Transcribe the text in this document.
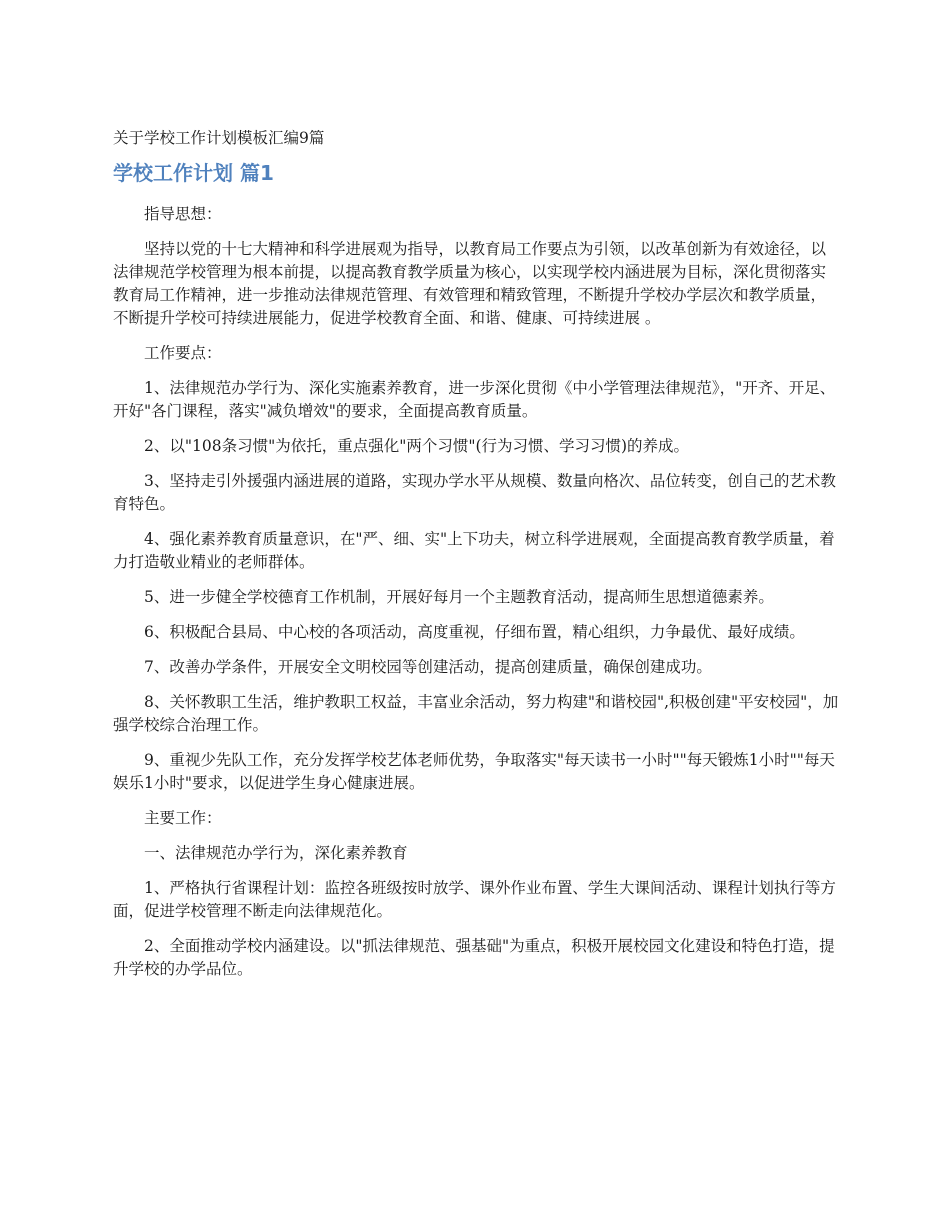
关于学校工作计划模板汇编9篇
学校工作计划 篇1

指导思想：

坚持以党的十七大精神和科学进展观为指导，以教育局工作要点为引领，以改革创新为有效途径，以法律规范学校管理为根本前提，以提高教育教学质量为核心，以实现学校内涵进展为目标，深化贯彻落实教育局工作精神，进一步推动法律规范管理、有效管理和精致管理，不断提升学校办学层次和教学质量，不断提升学校可持续进展能力，促进学校教育全面、和谐、健康、可持续进展 。

工作要点：

1、法律规范办学行为、深化实施素养教育，进一步深化贯彻《中小学管理法律规范》，"开齐、开足、开好"各门课程，落实"减负增效"的要求，全面提高教育质量。

2、以"108条习惯"为依托，重点强化"两个习惯"(行为习惯、学习习惯)的养成。

3、坚持走引外援强内涵进展的道路，实现办学水平从规模、数量向格次、品位转变，创自己的艺术教育特色。

4、强化素养教育质量意识，在"严、细、实"上下功夫，树立科学进展观，全面提高教育教学质量，着力打造敬业精业的老师群体。

5、进一步健全学校德育工作机制，开展好每月一个主题教育活动，提高师生思想道德素养。

6、积极配合县局、中心校的各项活动，高度重视，仔细布置，精心组织，力争最优、最好成绩。

7、改善办学条件，开展安全文明校园等创建活动，提高创建质量，确保创建成功。

8、关怀教职工生活，维护教职工权益，丰富业余活动，努力构建"和谐校园",积极创建"平安校园"，加强学校综合治理工作。

9、重视少先队工作，充分发挥学校艺体老师优势，争取落实"每天读书一小时""每天锻炼1小时""每天娱乐1小时"要求，以促进学生身心健康进展。

主要工作：

一、法律规范办学行为，深化素养教育

1、严格执行省课程计划：监控各班级按时放学、课外作业布置、学生大课间活动、课程计划执行等方面，促进学校管理不断走向法律规范化。

2、全面推动学校内涵建设。以"抓法律规范、强基础"为重点，积极开展校园文化建设和特色打造，提升学校的办学品位。
